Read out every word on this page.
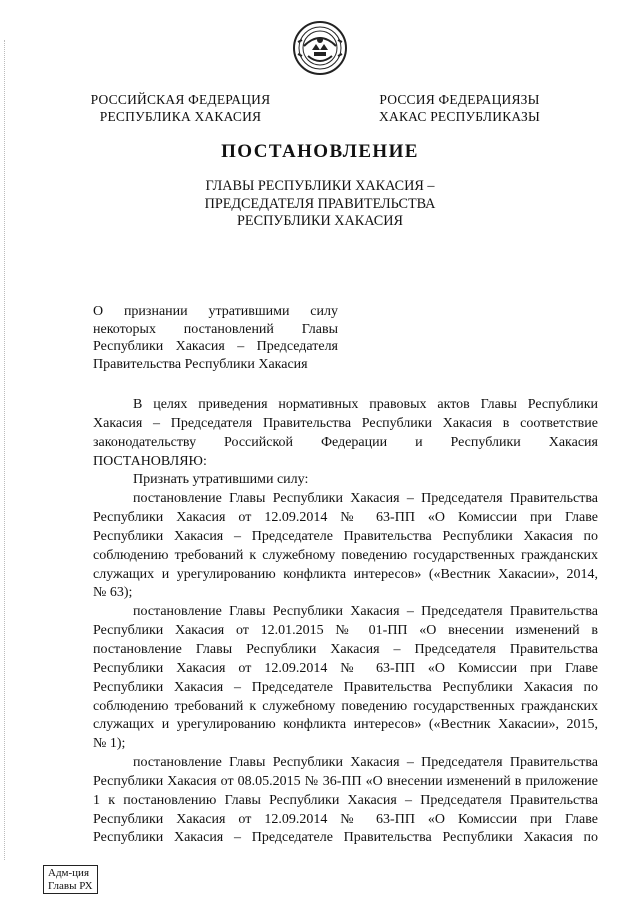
РОССИЙСКАЯ ФЕДЕРАЦИЯ
РЕСПУБЛИКА ХАКАСИЯ
РОССИЯ ФЕДЕРАЦИЯЗЫ
ХАКАС РЕСПУБЛИКАЗЫ
ПОСТАНОВЛЕНИЕ
ГЛАВЫ РЕСПУБЛИКИ ХАКАСИЯ –
ПРЕДСЕДАТЕЛЯ ПРАВИТЕЛЬСТВА
РЕСПУБЛИКИ ХАКАСИЯ
О признании утратившими силу
некоторых постановлений Главы
Республики Хакасия – Председателя
Правительства Республики Хакасия
В целях приведения нормативных правовых актов Главы Республики
Хакасия – Председателя Правительства Республики Хакасия в соответствие
законодательству Российской Федерации и Республики Хакасия
ПОСТАНОВЛЯЮ:
Признать утратившими силу:
постановление Главы Республики Хакасия – Председателя Правительства
Республики Хакасия от 12.09.2014 № 63-ПП «О Комиссии при Главе
Республики Хакасия – Председателе Правительства Республики Хакасия по
соблюдению требований к служебному поведению государственных гражданских
служащих и урегулированию конфликта интересов» («Вестник Хакасии», 2014,
№ 63);
постановление Главы Республики Хакасия – Председателя Правительства
Республики Хакасия от 12.01.2015 № 01-ПП «О внесении изменений в
постановление Главы Республики Хакасия – Председателя Правительства
Республики Хакасия от 12.09.2014 № 63-ПП «О Комиссии при Главе
Республики Хакасия – Председателе Правительства Республики Хакасия по
соблюдению требований к служебному поведению государственных гражданских
служащих и урегулированию конфликта интересов» («Вестник Хакасии», 2015,
№ 1);
постановление Главы Республики Хакасия – Председателя Правительства
Республики Хакасия от 08.05.2015 № 36-ПП «О внесении изменений в приложение
1 к постановлению Главы Республики Хакасия – Председателя Правительства
Республики Хакасия от 12.09.2014 № 63-ПП «О Комиссии при Главе
Республики Хакасия – Председателе Правительства Республики Хакасия по
Адм-ция
Главы РХ
